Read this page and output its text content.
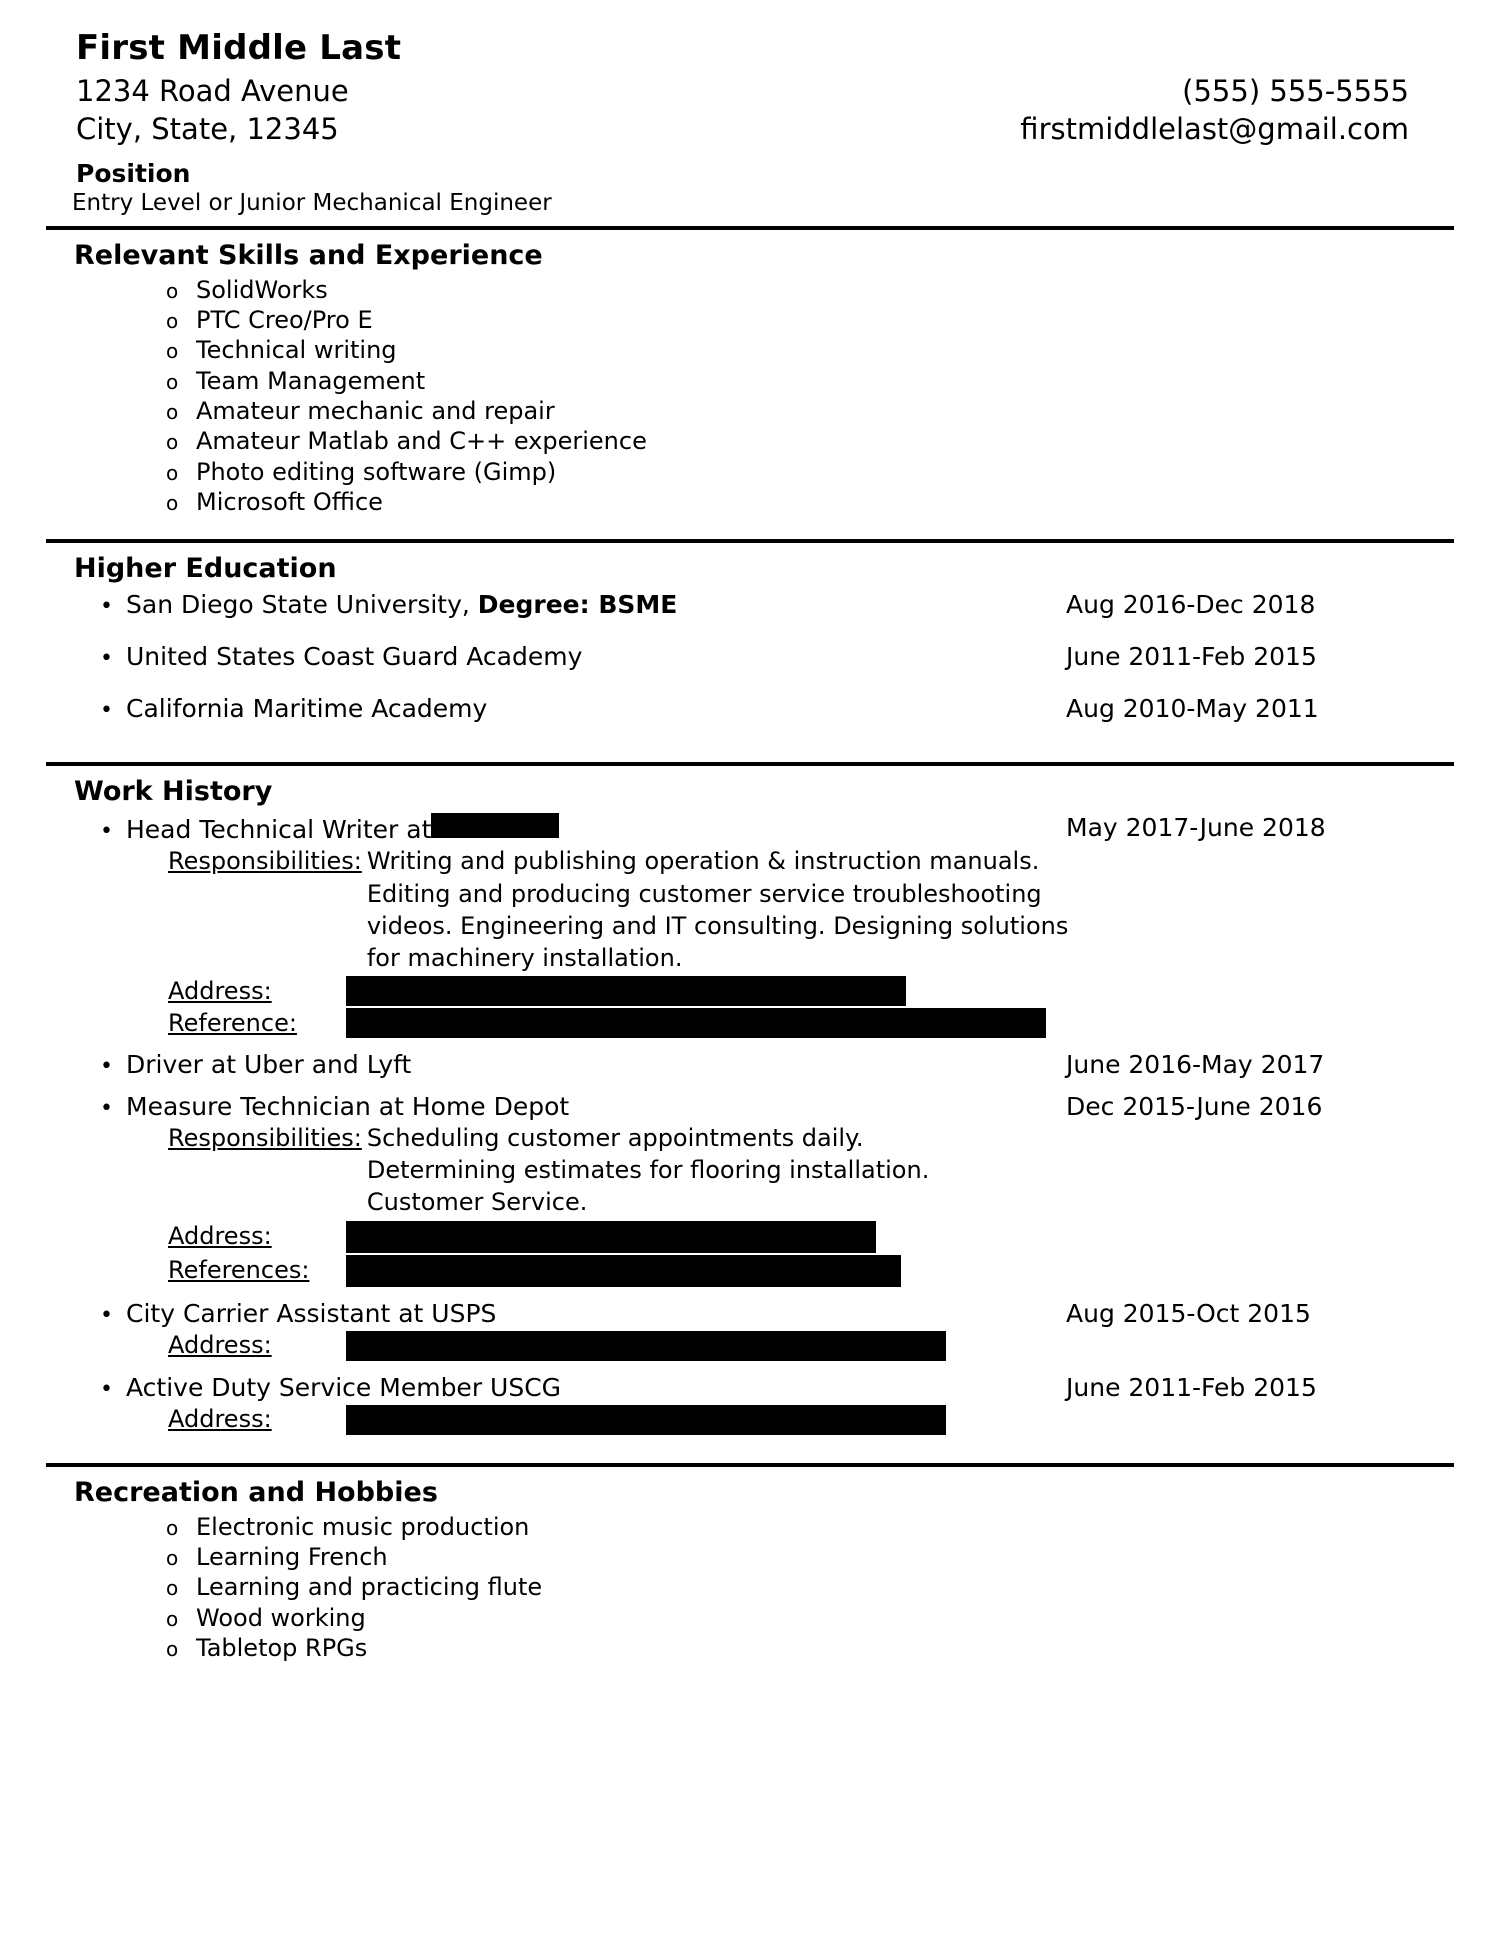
First Middle Last
1234 Road Avenue
City, State, 12345
(555) 555-5555
firstmiddlelast@gmail.com
Position
Entry Level or Junior Mechanical Engineer
Relevant Skills and Experience
o SolidWorks
o PTC Creo/Pro E
o Technical writing
o Team Management
o Amateur mechanic and repair
o Amateur Matlab and C++ experience
o Photo editing software (Gimp)
o Microsoft Office
Higher Education
• San Diego State University, Degree: BSME	Aug 2016-Dec 2018
• United States Coast Guard Academy	June 2011-Feb 2015
• California Maritime Academy	Aug 2010-May 2011
Work History
• Head Technical Writer at	May 2017-June 2018
Responsibilities: Writing and publishing operation & instruction manuals.
Editing and producing customer service troubleshooting
videos. Engineering and IT consulting. Designing solutions
for machinery installation.
Address:
Reference:
• Driver at Uber and Lyft	June 2016-May 2017
• Measure Technician at Home Depot	Dec 2015-June 2016
Responsibilities: Scheduling customer appointments daily.
Determining estimates for flooring installation.
Customer Service.
Address:
References:
• City Carrier Assistant at USPS	Aug 2015-Oct 2015
Address:
• Active Duty Service Member USCG	June 2011-Feb 2015
Address:
Recreation and Hobbies
o Electronic music production
o Learning French
o Learning and practicing flute
o Wood working
o Tabletop RPGs
